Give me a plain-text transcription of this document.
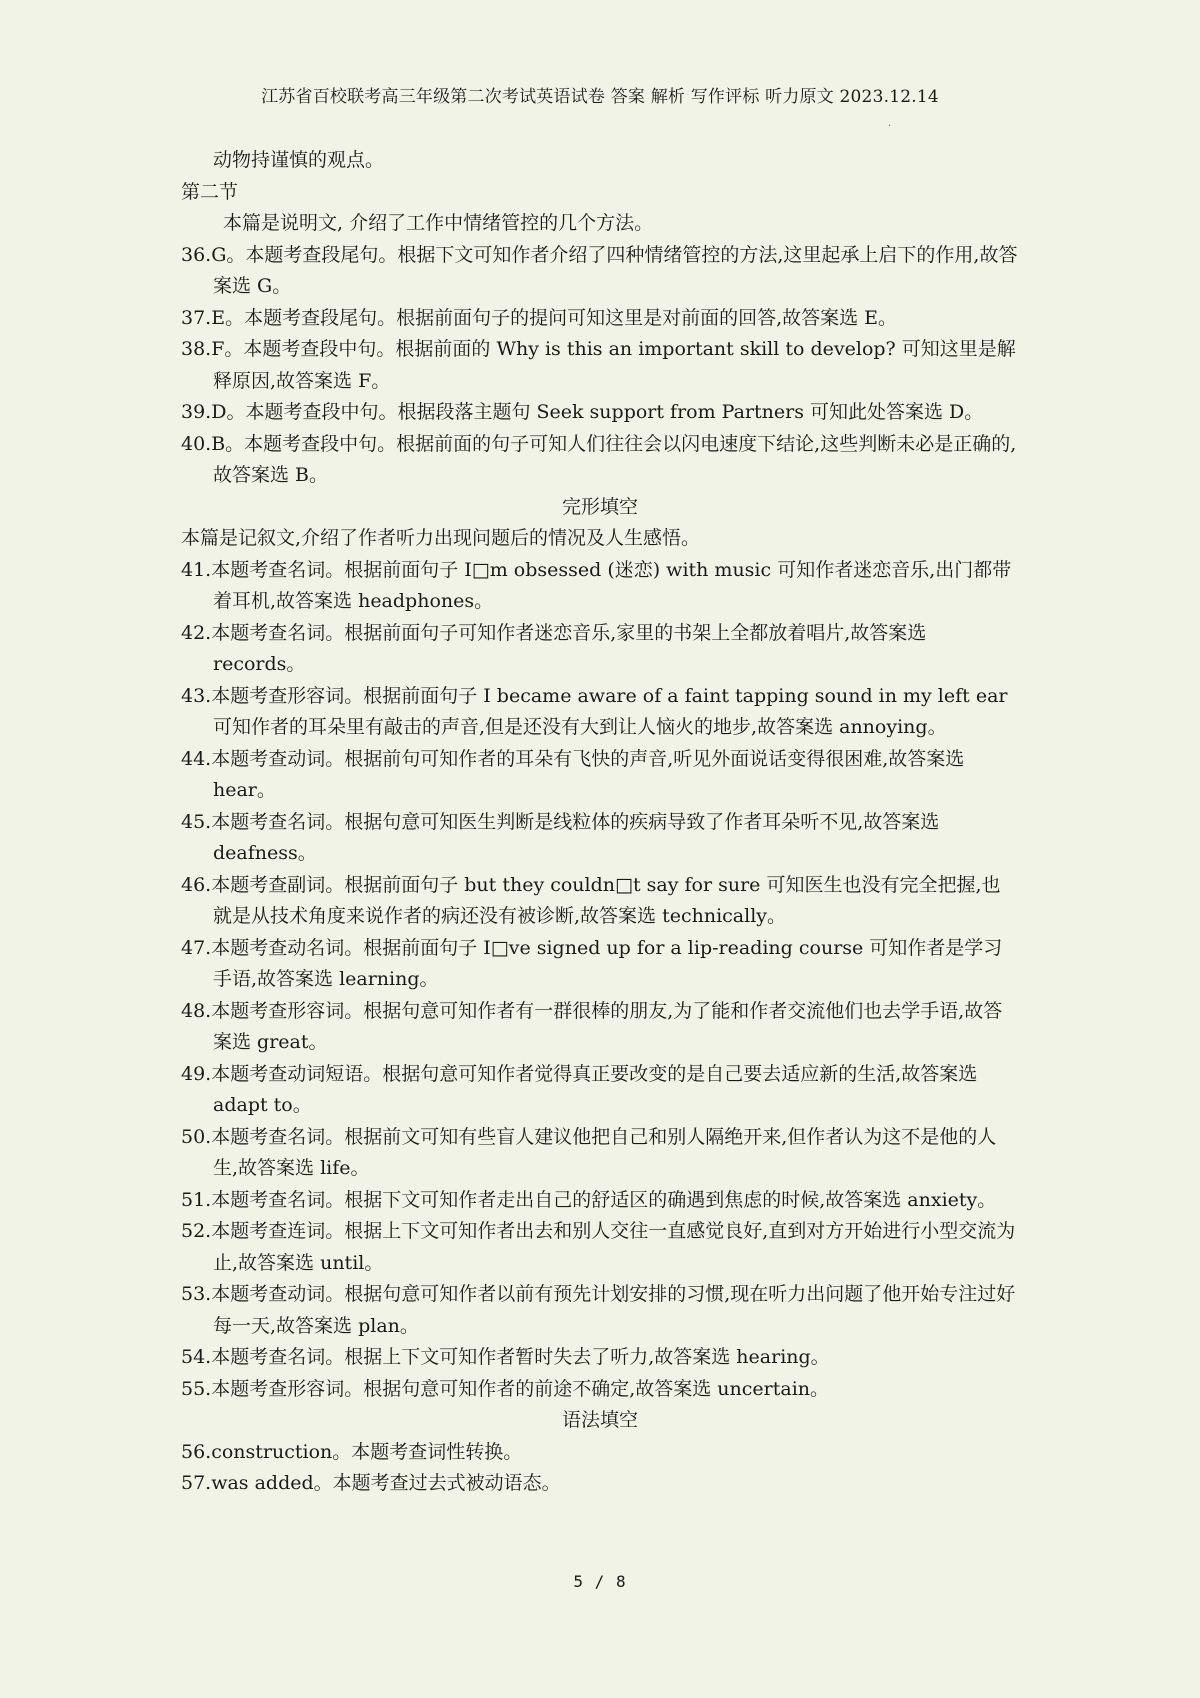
江苏省百校联考高三年级第二次考试英语试卷 答案 解析 写作评标 听力原文 2023.12.14
.

动物持谨慎的观点。

第二节

本篇是说明文, 介绍了工作中情绪管控的几个方法。

36.G。本题考查段尾句。根据下文可知作者介绍了四种情绪管控的方法,这里起承上启下的作用,故答案选 G。

37.E。本题考查段尾句。根据前面句子的提问可知这里是对前面的回答,故答案选 E。

38.F。本题考查段中句。根据前面的 Why is this an important skill to develop? 可知这里是解释原因,故答案选 F。

39.D。本题考查段中句。根据段落主题句 Seek support from Partners 可知此处答案选 D。

40.B。本题考查段中句。根据前面的句子可知人们往往会以闪电速度下结论,这些判断未必是正确的,故答案选 B。

完形填空

本篇是记叙文,介绍了作者听力出现问题后的情况及人生感悟。

41.本题考查名词。根据前面句子 I□m obsessed (迷恋) with music 可知作者迷恋音乐,出门都带着耳机,故答案选 headphones。

42.本题考查名词。根据前面句子可知作者迷恋音乐,家里的书架上全都放着唱片,故答案选 records。

43.本题考查形容词。根据前面句子 I became aware of a faint tapping sound in my left ear 可知作者的耳朵里有敲击的声音,但是还没有大到让人恼火的地步,故答案选 annoying。

44.本题考查动词。根据前句可知作者的耳朵有飞快的声音,听见外面说话变得很困难,故答案选 hear。

45.本题考查名词。根据句意可知医生判断是线粒体的疾病导致了作者耳朵听不见,故答案选 deafness。

46.本题考查副词。根据前面句子 but they couldn□t say for sure 可知医生也没有完全把握,也就是从技术角度来说作者的病还没有被诊断,故答案选 technically。

47.本题考查动名词。根据前面句子 I□ve signed up for a lip-reading course 可知作者是学习手语,故答案选 learning。

48.本题考查形容词。根据句意可知作者有一群很棒的朋友,为了能和作者交流他们也去学手语,故答案选 great。

49.本题考查动词短语。根据句意可知作者觉得真正要改变的是自己要去适应新的生活,故答案选 adapt to。

50.本题考查名词。根据前文可知有些盲人建议他把自己和别人隔绝开来,但作者认为这不是他的人生,故答案选 life。

51.本题考查名词。根据下文可知作者走出自己的舒适区的确遇到焦虑的时候,故答案选 anxiety。

52.本题考查连词。根据上下文可知作者出去和别人交往一直感觉良好,直到对方开始进行小型交流为止,故答案选 until。

53.本题考查动词。根据句意可知作者以前有预先计划安排的习惯,现在听力出问题了他开始专注过好每一天,故答案选 plan。

54.本题考查名词。根据上下文可知作者暂时失去了听力,故答案选 hearing。

55.本题考查形容词。根据句意可知作者的前途不确定,故答案选 uncertain。

语法填空

56.construction。本题考查词性转换。

57.was added。本题考查过去式被动语态。

5 / 8
